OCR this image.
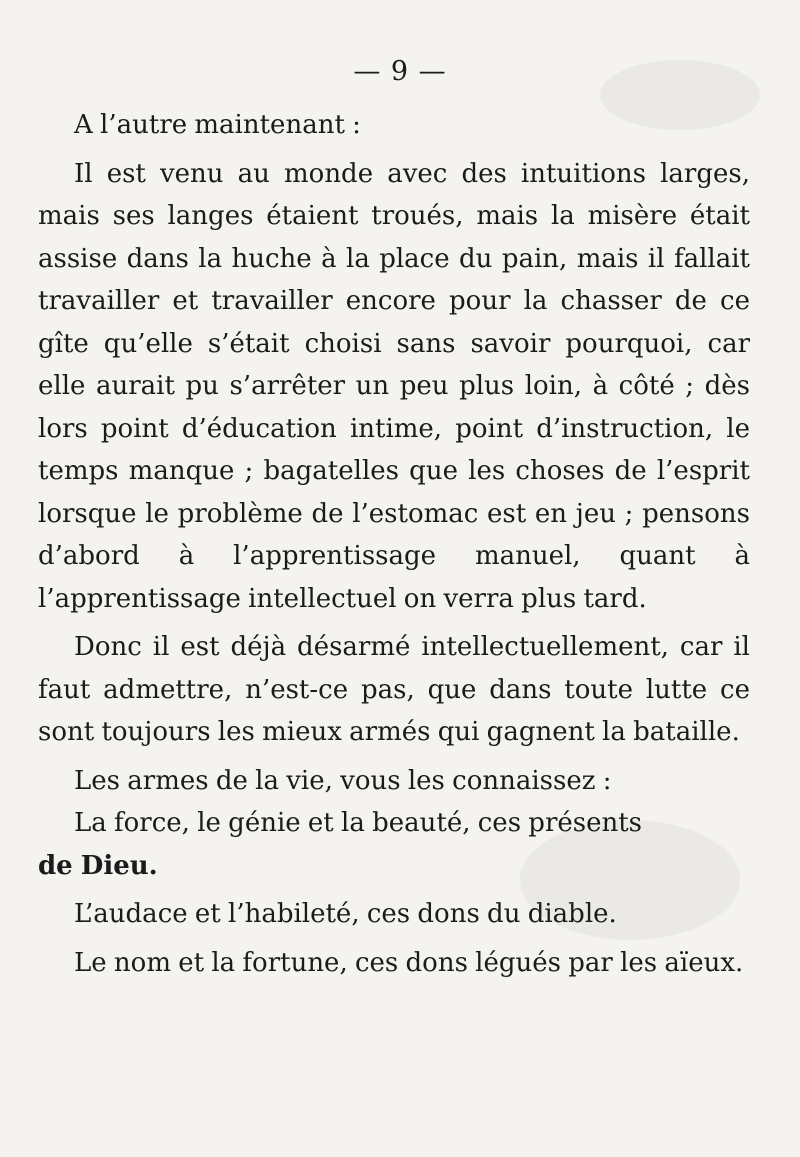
— 9 —

A l’autre maintenant :

Il est venu au monde avec des intuitions larges, mais ses langes étaient troués, mais la misère était assise dans la huche à la place du pain, mais il fallait travailler et travailler encore pour la chasser de ce gîte qu’elle s’était choisi sans savoir pourquoi, car elle aurait pu s’arrêter un peu plus loin, à côté ; dès lors point d’éducation intime, point d’instruction, le temps manque ; bagatelles que les choses de l’esprit lorsque le problème de l’estomac est en jeu ; pensons d’abord à l’apprentissage manuel, quant à l’apprentissage intellectuel on verra plus tard.

Donc il est déjà désarmé intellectuellement, car il faut admettre, n’est-ce pas, que dans toute lutte ce sont toujours les mieux armés qui gagnent la bataille.

Les armes de la vie, vous les connaissez :

La force, le génie et la beauté, ces présents

de Dieu.

L’audace et l’habileté, ces dons du diable.

Le nom et la fortune, ces dons légués par les aïeux.
